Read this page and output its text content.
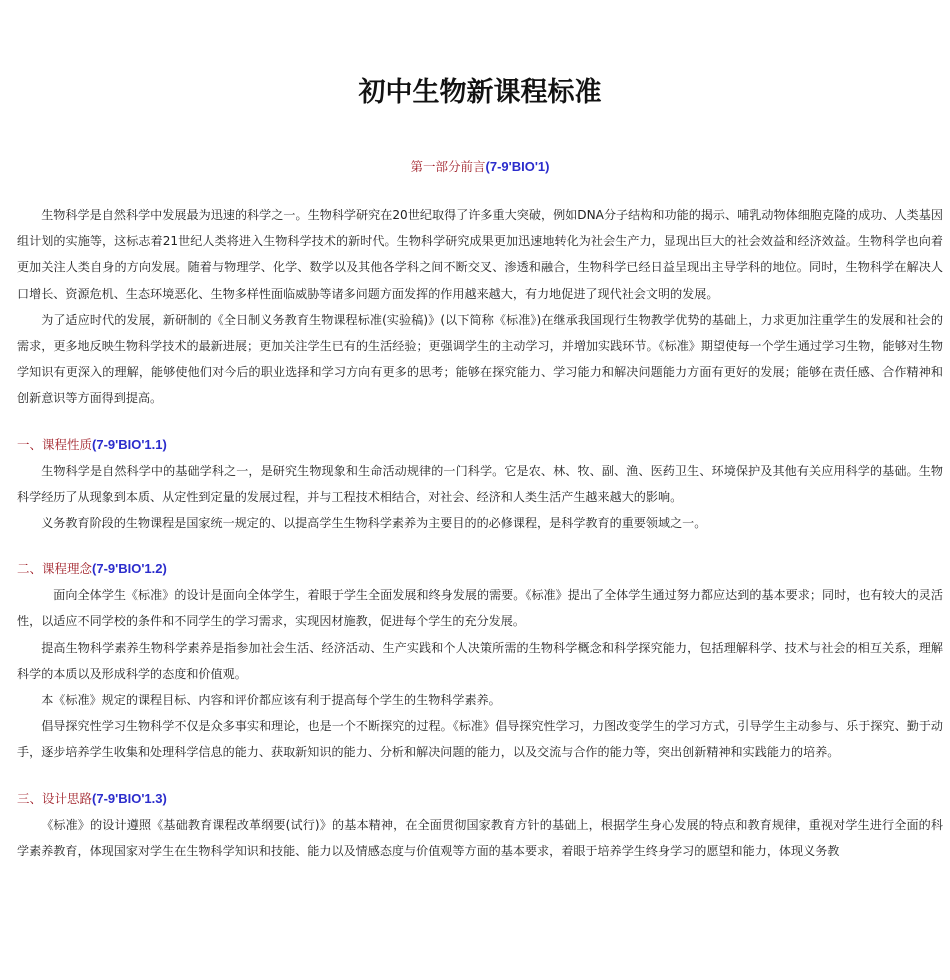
初中生物新课程标准
第一部分前言(7-9'BIO'1)

生物科学是自然科学中发展最为迅速的科学之一。生物科学研究在20世纪取得了许多重大突破，例如DNA分子结构和功能的揭示、哺乳动物体细胞克隆的成功、人类基因组计划的实施等，这标志着21世纪人类将进入生物科学技术的新时代。生物科学研究成果更加迅速地转化为社会生产力，显现出巨大的社会效益和经济效益。生物科学也向着更加关注人类自身的方向发展。随着与物理学、化学、数学以及其他各学科之间不断交叉、渗透和融合，生物科学已经日益呈现出主导学科的地位。同时，生物科学在解决人口增长、资源危机、生态环境恶化、生物多样性面临威胁等诸多问题方面发挥的作用越来越大，有力地促进了现代社会文明的发展。

为了适应时代的发展，新研制的《全日制义务教育生物课程标准(实验稿)》(以下简称《标准》)在继承我国现行生物教学优势的基础上，力求更加注重学生的发展和社会的需求，更多地反映生物科学技术的最新进展；更加关注学生已有的生活经验；更强调学生的主动学习，并增加实践环节。《标准》期望使每一个学生通过学习生物，能够对生物学知识有更深入的理解，能够使他们对今后的职业选择和学习方向有更多的思考；能够在探究能力、学习能力和解决问题能力方面有更好的发展；能够在责任感、合作精神和创新意识等方面得到提高。

一、课程性质(7-9'BIO'1.1)

生物科学是自然科学中的基础学科之一，是研究生物现象和生命活动规律的一门科学。它是农、林、牧、副、渔、医药卫生、环境保护及其他有关应用科学的基础。生物科学经历了从现象到本质、从定性到定量的发展过程，并与工程技术相结合，对社会、经济和人类生活产生越来越大的影响。

义务教育阶段的生物课程是国家统一规定的、以提高学生生物科学素养为主要目的的必修课程，是科学教育的重要领域之一。

二、课程理念(7-9'BIO'1.2)

面向全体学生《标准》的设计是面向全体学生，着眼于学生全面发展和终身发展的需要。《标准》提出了全体学生通过努力都应达到的基本要求；同时，也有较大的灵活性，以适应不同学校的条件和不同学生的学习需求，实现因材施教，促进每个学生的充分发展。

提高生物科学素养生物科学素养是指参加社会生活、经济活动、生产实践和个人决策所需的生物科学概念和科学探究能力，包括理解科学、技术与社会的相互关系，理解科学的本质以及形成科学的态度和价值观。

本《标准》规定的课程目标、内容和评价都应该有利于提高每个学生的生物科学素养。

倡导探究性学习生物科学不仅是众多事实和理论，也是一个不断探究的过程。《标准》倡导探究性学习，力图改变学生的学习方式，引导学生主动参与、乐于探究、勤于动手，逐步培养学生收集和处理科学信息的能力、获取新知识的能力、分析和解决问题的能力，以及交流与合作的能力等，突出创新精神和实践能力的培养。

三、设计思路(7-9'BIO'1.3)

《标准》的设计遵照《基础教育课程改革纲要(试行)》的基本精神，在全面贯彻国家教育方针的基础上，根据学生身心发展的特点和教育规律，重视对学生进行全面的科学素养教育，体现国家对学生在生物科学知识和技能、能力以及情感态度与价值观等方面的基本要求，着眼于培养学生终身学习的愿望和能力，体现义务教
